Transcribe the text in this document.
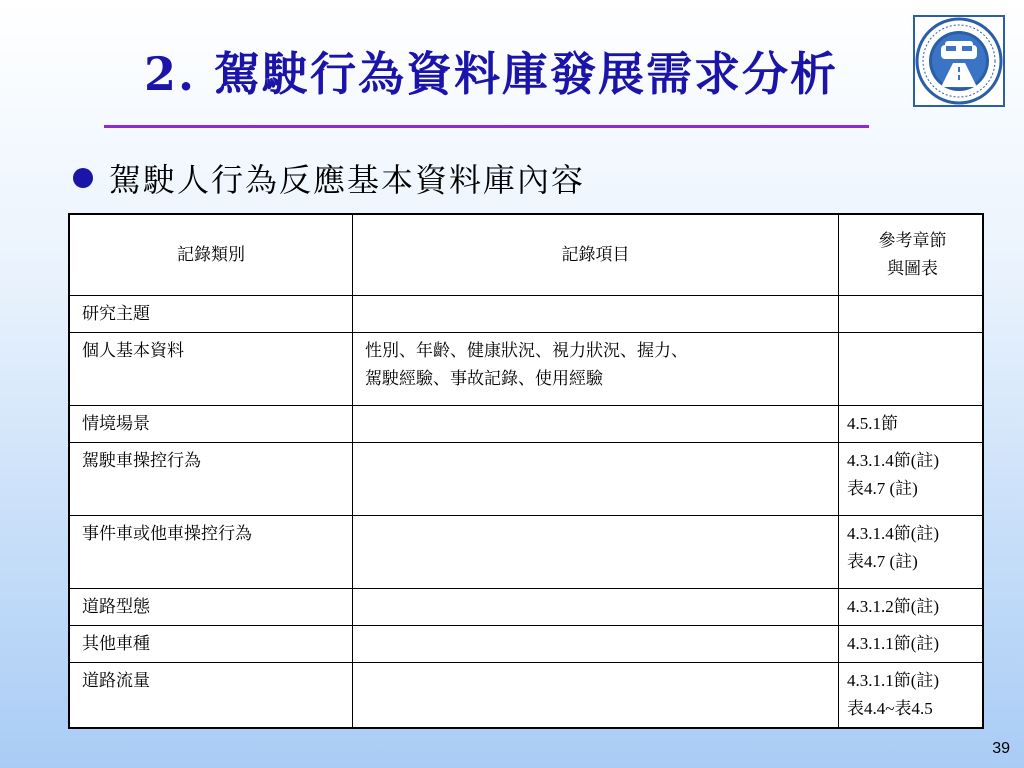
2. 駕駛行為資料庫發展需求分析
駕駛人行為反應基本資料庫內容
記錄類別	記錄項目	參考章節
與圖表

研究主題	

個人基本資料	性別、年齡、健康狀況、視力狀況、握力、
駕駛經驗、事故記錄、使用經驗	

情境場景		4.5.1節

駕駛車操控行為		4.3.1.4節(註)
表4.7 (註)

事件車或他車操控行為		4.3.1.4節(註)
表4.7 (註)

道路型態		4.3.1.2節(註)

其他車種		4.3.1.1節(註)

道路流量		4.3.1.1節(註)
表4.4~表4.5
39
